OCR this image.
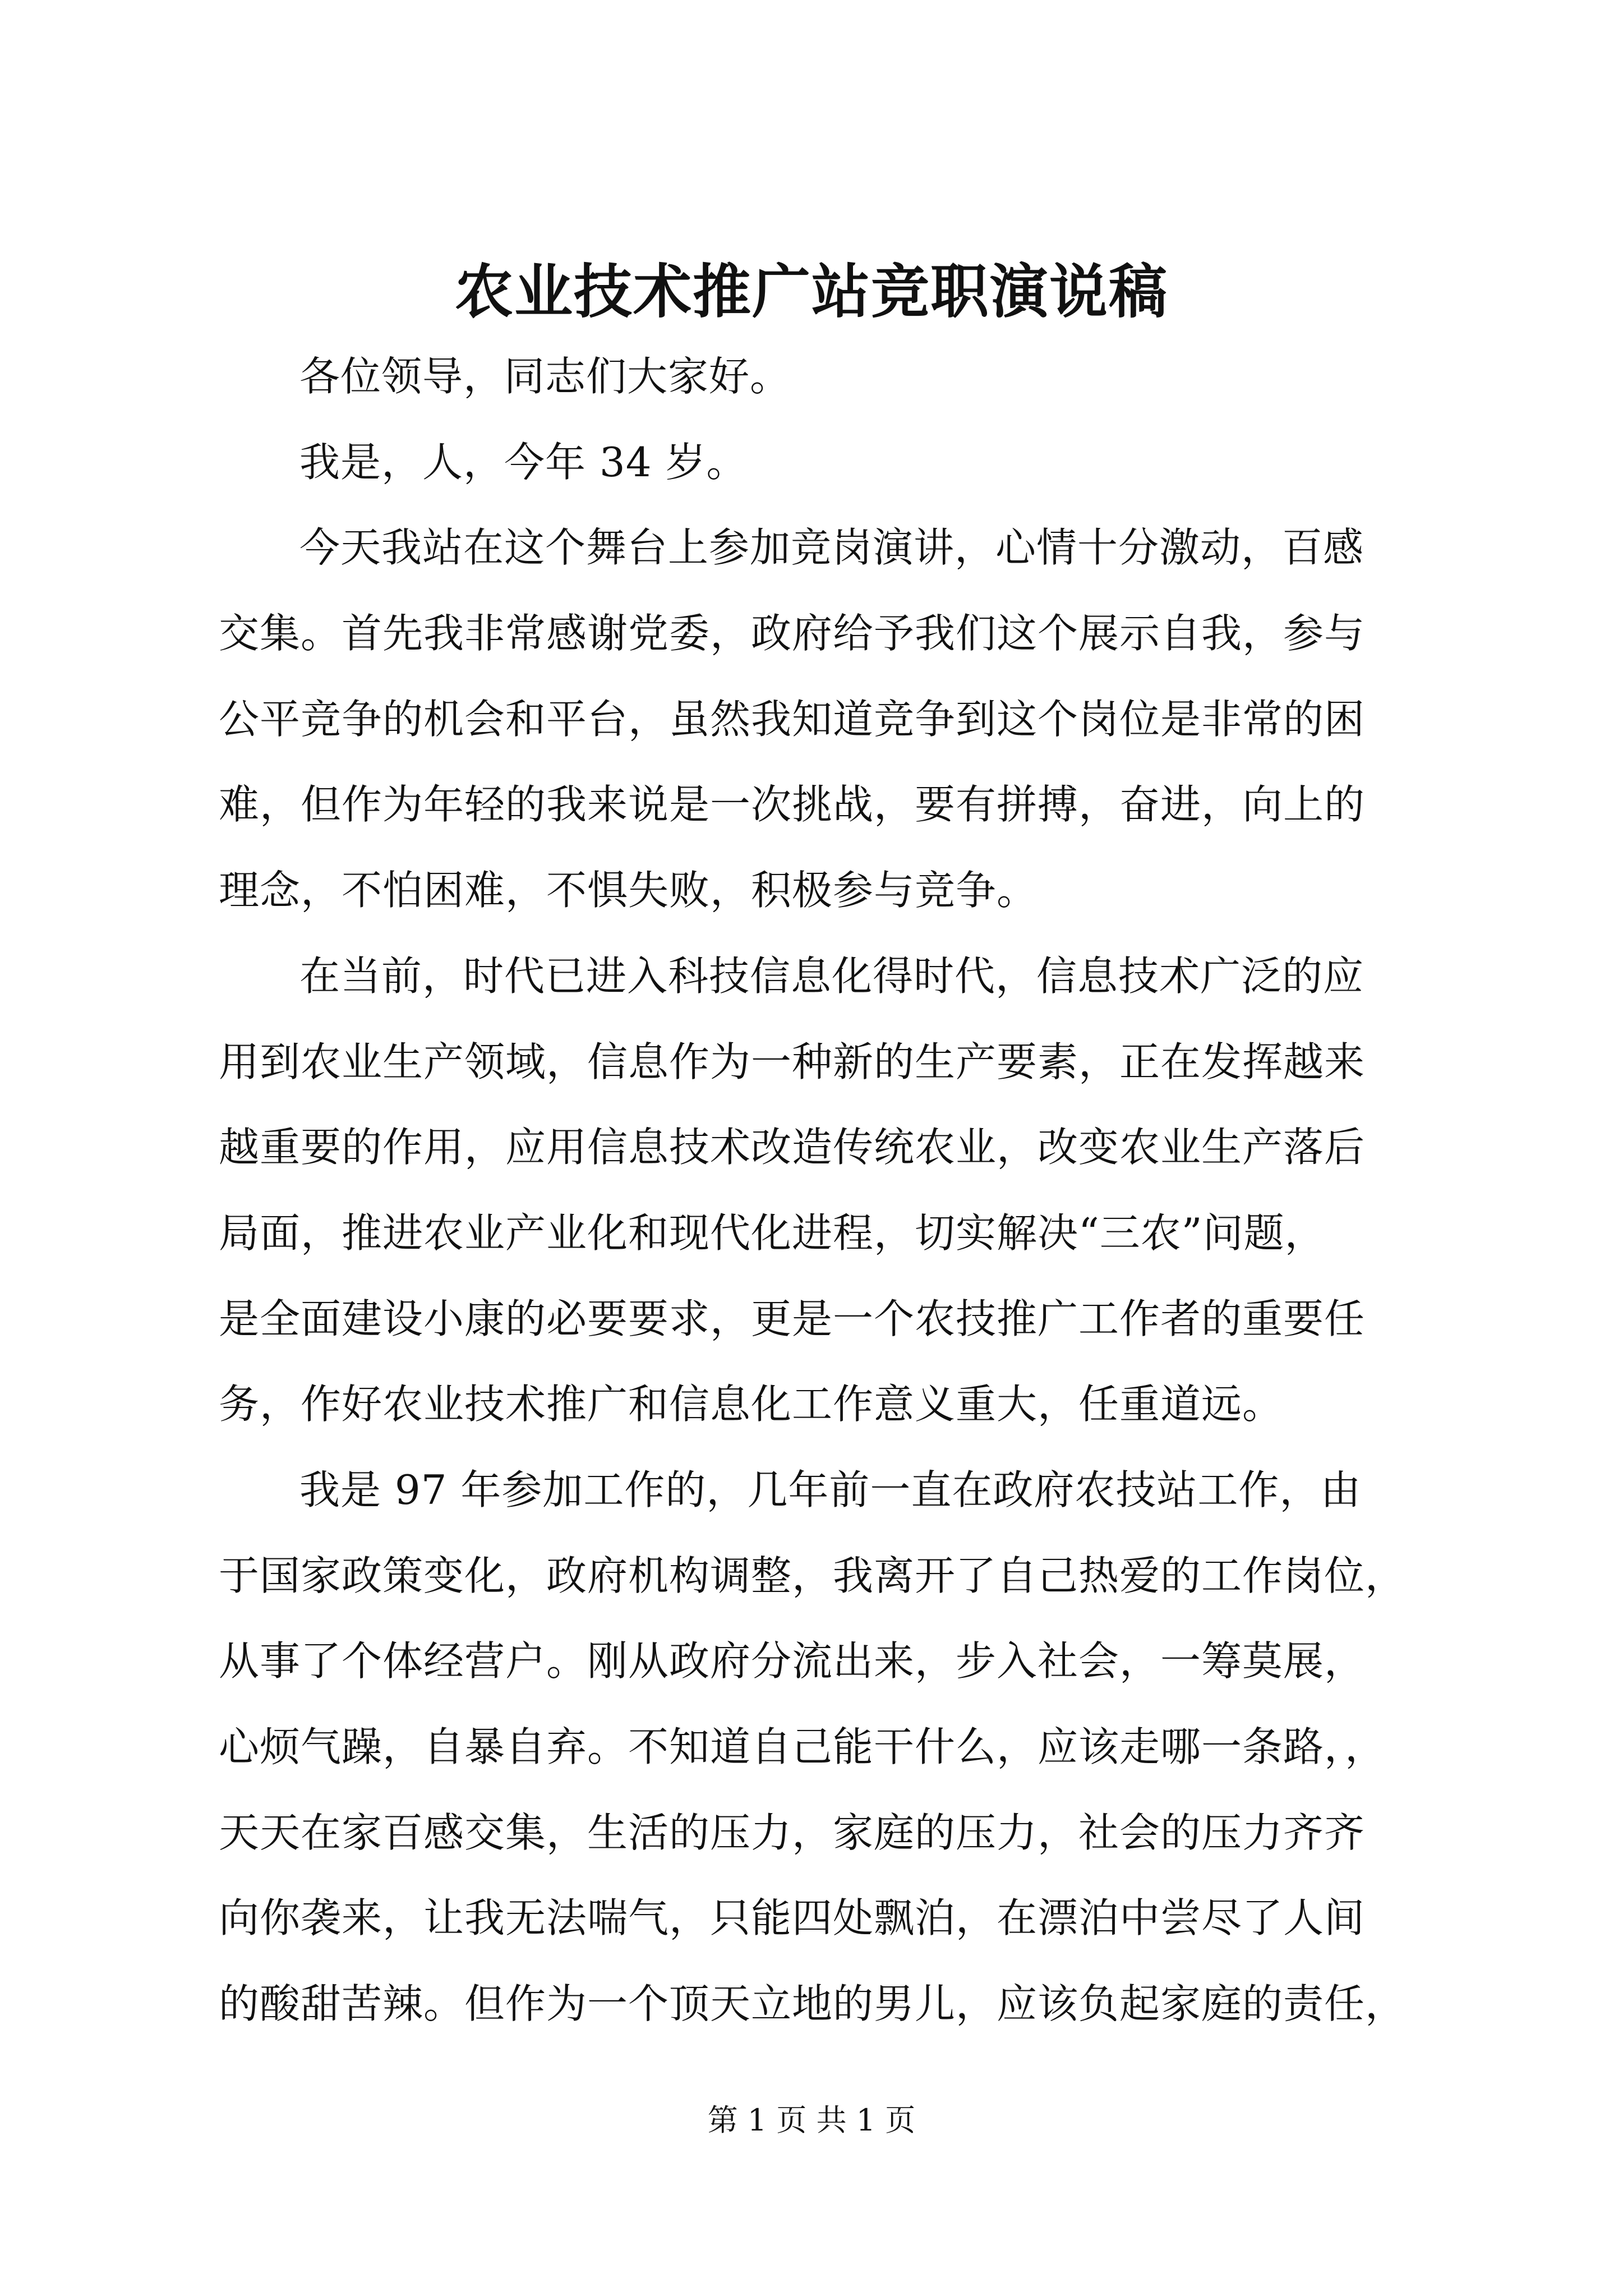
农业技术推广站竞职演说稿

各位领导，同志们大家好。

我是，人，今年 34 岁。

今天我站在这个舞台上参加竞岗演讲，心情十分激动，百感
交集。首先我非常感谢党委，政府给予我们这个展示自我，参与
公平竞争的机会和平台，虽然我知道竞争到这个岗位是非常的困
难，但作为年轻的我来说是一次挑战，要有拼搏，奋进，向上的
理念，不怕困难，不惧失败，积极参与竞争。

在当前，时代已进入科技信息化得时代，信息技术广泛的应
用到农业生产领域，信息作为一种新的生产要素，正在发挥越来
越重要的作用，应用信息技术改造传统农业，改变农业生产落后
局面，推进农业产业化和现代化进程，切实解决“三农”问题，
是全面建设小康的必要要求，更是一个农技推广工作者的重要任
务，作好农业技术推广和信息化工作意义重大，任重道远。

我是 97 年参加工作的，几年前一直在政府农技站工作，由
于国家政策变化，政府机构调整，我离开了自己热爱的工作岗位，
从事了个体经营户。刚从政府分流出来，步入社会，一筹莫展，
心烦气躁，自暴自弃。不知道自己能干什么，应该走哪一条路，，
天天在家百感交集，生活的压力，家庭的压力，社会的压力齐齐
向你袭来，让我无法喘气，只能四处飘泊，在漂泊中尝尽了人间
的酸甜苦辣。但作为一个顶天立地的男儿，应该负起家庭的责任，

第 1 页 共 1 页
